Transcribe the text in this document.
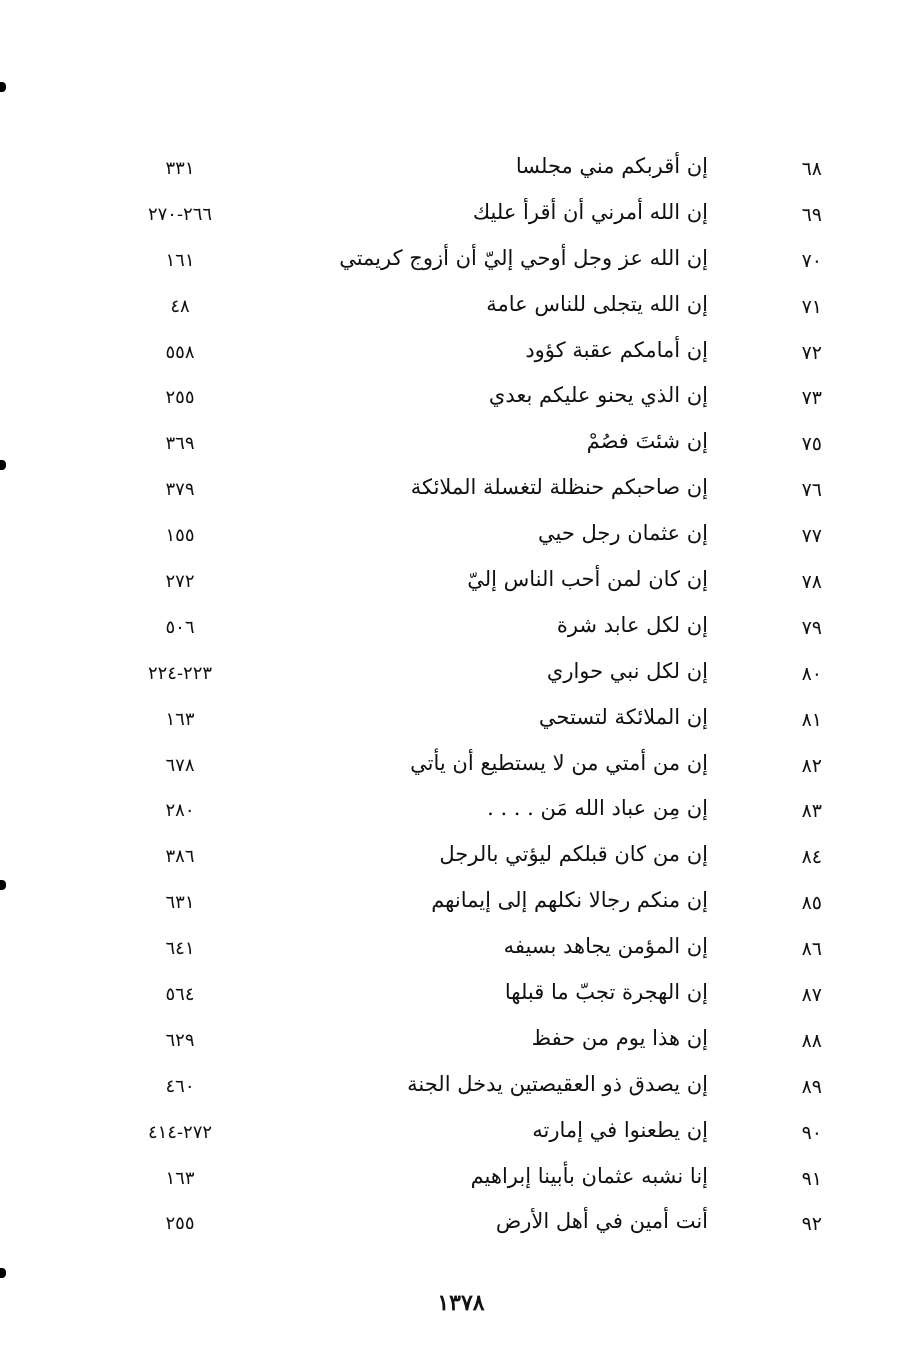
٦٨
إن أقربكم مني مجلسا
٣٣١
٦٩
إن الله أمرني أن أقرأ عليك
٢٦٦-٢٧٠
٧٠
إن الله عز وجل أوحي إليّ أن أزوج كريمتي
١٦١
٧١
إن الله يتجلى للناس عامة
٤٨
٧٢
إن أمامكم عقبة كؤود
٥٥٨
٧٣
إن الذي يحنو عليكم بعدي
٢٥٥
٧٥
إن شئتَ فصُمْ
٣٦٩
٧٦
إن صاحبكم حنظلة لتغسلة الملائكة
٣٧٩
٧٧
إن عثمان رجل حيي
١٥٥
٧٨
إن كان لمن أحب الناس إليّ
٢٧٢
٧٩
إن لكل عابد شرة
٥٠٦
٨٠
إن لكل نبي حواري
٢٢٣-٢٢٤
٨١
إن الملائكة لتستحي
١٦٣
٨٢
إن من أمتي من لا يستطيع أن يأتي
٦٧٨
٨٣
إن مِن عباد الله مَن . . . .
٢٨٠
٨٤
إن من كان قبلكم ليؤتي بالرجل
٣٨٦
٨٥
إن منكم رجالا نكلهم إلى إيمانهم
٦٣١
٨٦
إن المؤمن يجاهد بسيفه
٦٤١
٨٧
إن الهجرة تجبّ ما قبلها
٥٦٤
٨٨
إن هذا يوم من حفظ
٦٢٩
٨٩
إن يصدق ذو العقيصتين يدخل الجنة
٤٦٠
٩٠
إن يطعنوا في إمارته
٢٧٢-٤١٤
٩١
إنا نشبه عثمان بأبينا إبراهيم
١٦٣
٩٢
أنت أمين في أهل الأرض
٢٥٥
١٣٧٨
